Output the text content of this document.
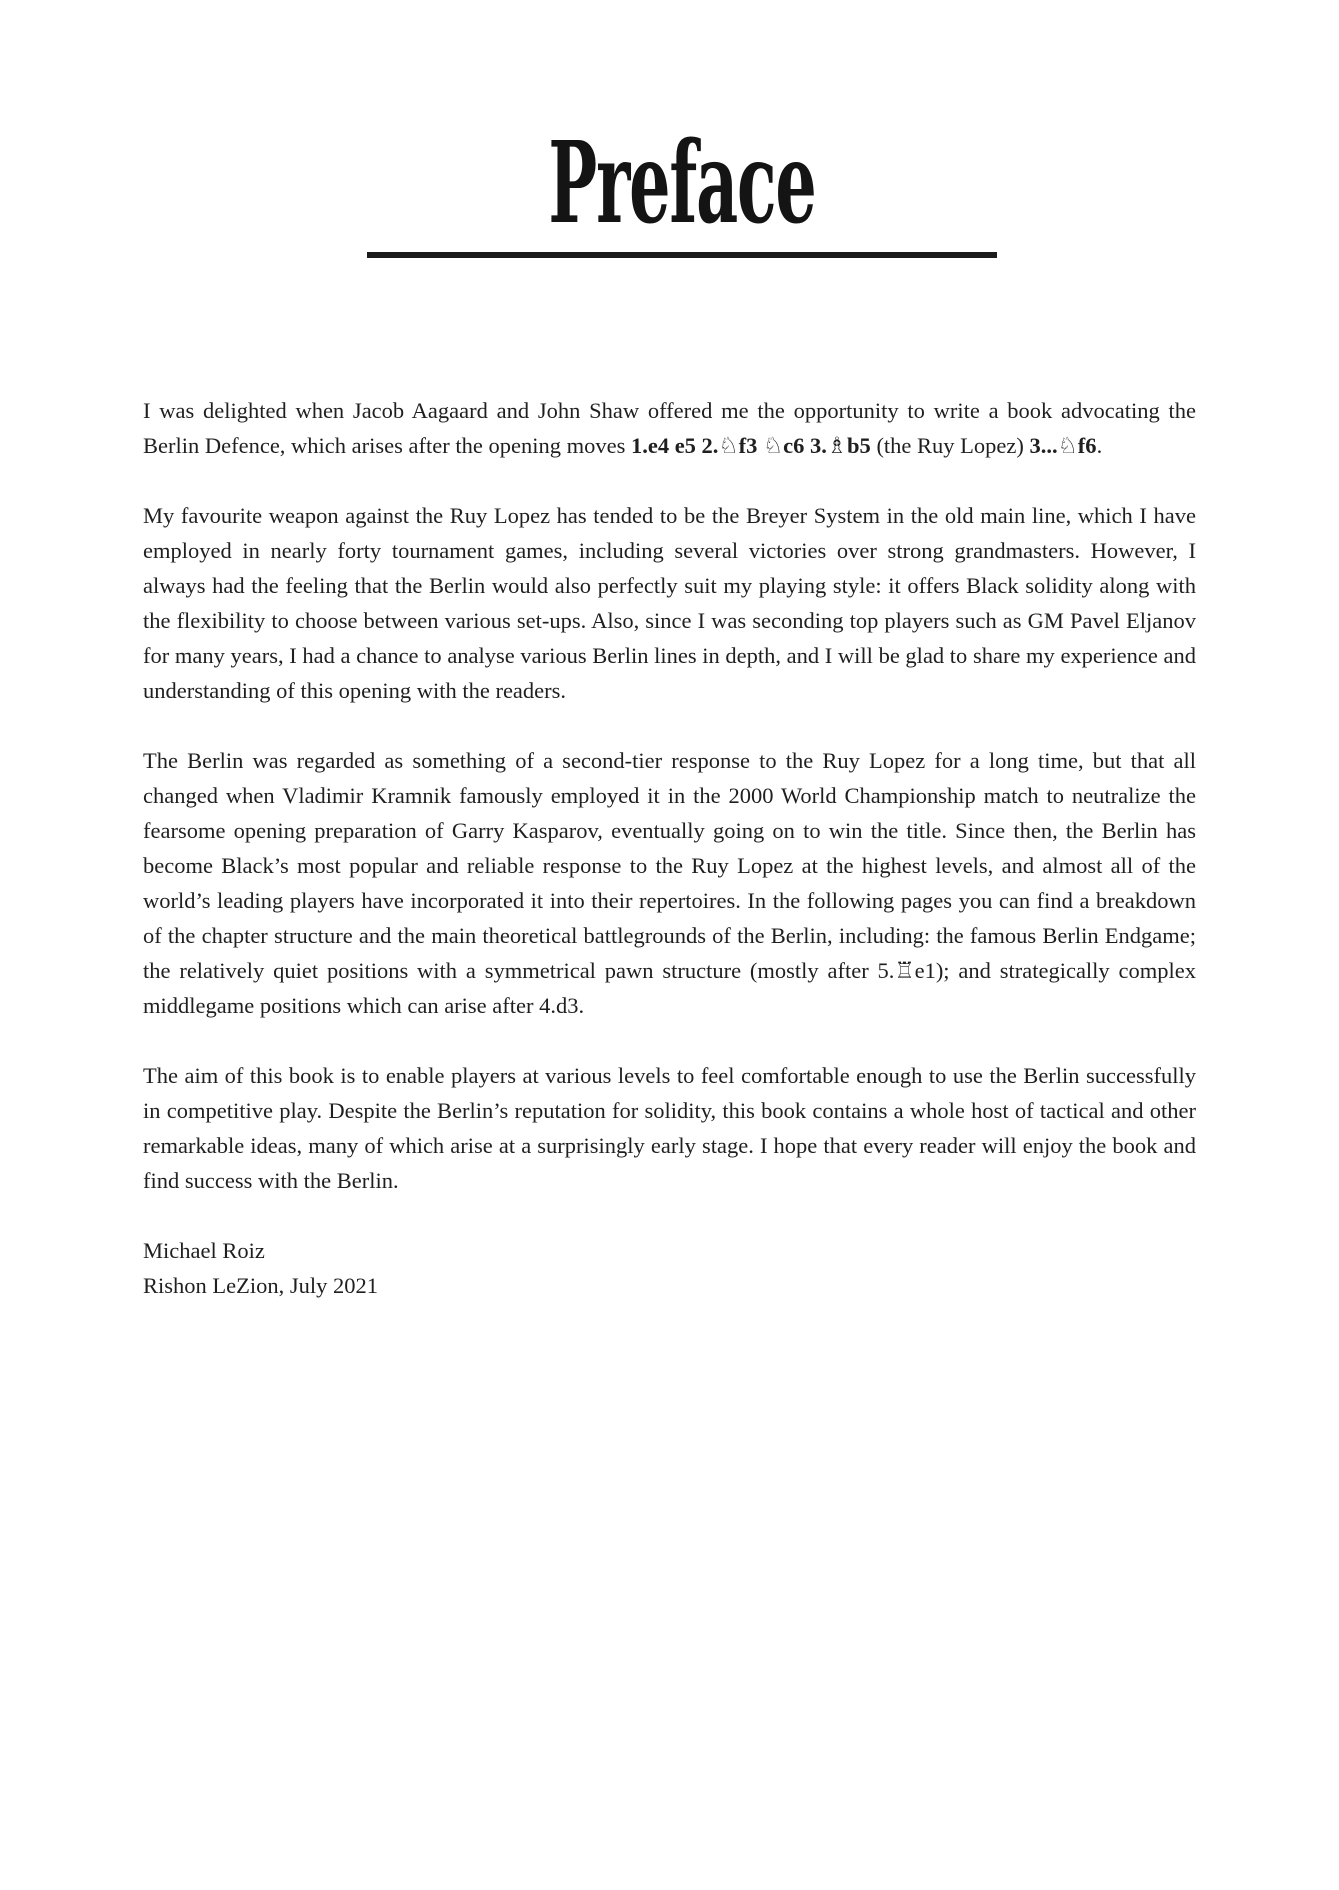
Preface

I was delighted when Jacob Aagaard and John Shaw offered me the opportunity to write a book advocating the Berlin Defence, which arises after the opening moves 1.e4 e5 2.♘f3 ♘c6 3.♗b5 (the Ruy Lopez) 3...♘f6.

My favourite weapon against the Ruy Lopez has tended to be the Breyer System in the old main line, which I have employed in nearly forty tournament games, including several victories over strong grandmasters. However, I always had the feeling that the Berlin would also perfectly suit my playing style: it offers Black solidity along with the flexibility to choose between various set-ups. Also, since I was seconding top players such as GM Pavel Eljanov for many years, I had a chance to analyse various Berlin lines in depth, and I will be glad to share my experience and understanding of this opening with the readers.

The Berlin was regarded as something of a second-tier response to the Ruy Lopez for a long time, but that all changed when Vladimir Kramnik famously employed it in the 2000 World Championship match to neutralize the fearsome opening preparation of Garry Kasparov, eventually going on to win the title. Since then, the Berlin has become Black’s most popular and reliable response to the Ruy Lopez at the highest levels, and almost all of the world’s leading players have incorporated it into their repertoires. In the following pages you can find a breakdown of the chapter structure and the main theoretical battlegrounds of the Berlin, including: the famous Berlin Endgame; the relatively quiet positions with a symmetrical pawn structure (mostly after 5.♖e1); and strategically complex middlegame positions which can arise after 4.d3.

The aim of this book is to enable players at various levels to feel comfortable enough to use the Berlin successfully in competitive play. Despite the Berlin’s reputation for solidity, this book contains a whole host of tactical and other remarkable ideas, many of which arise at a surprisingly early stage. I hope that every reader will enjoy the book and find success with the Berlin.

Michael Roiz

Rishon LeZion, July 2021
